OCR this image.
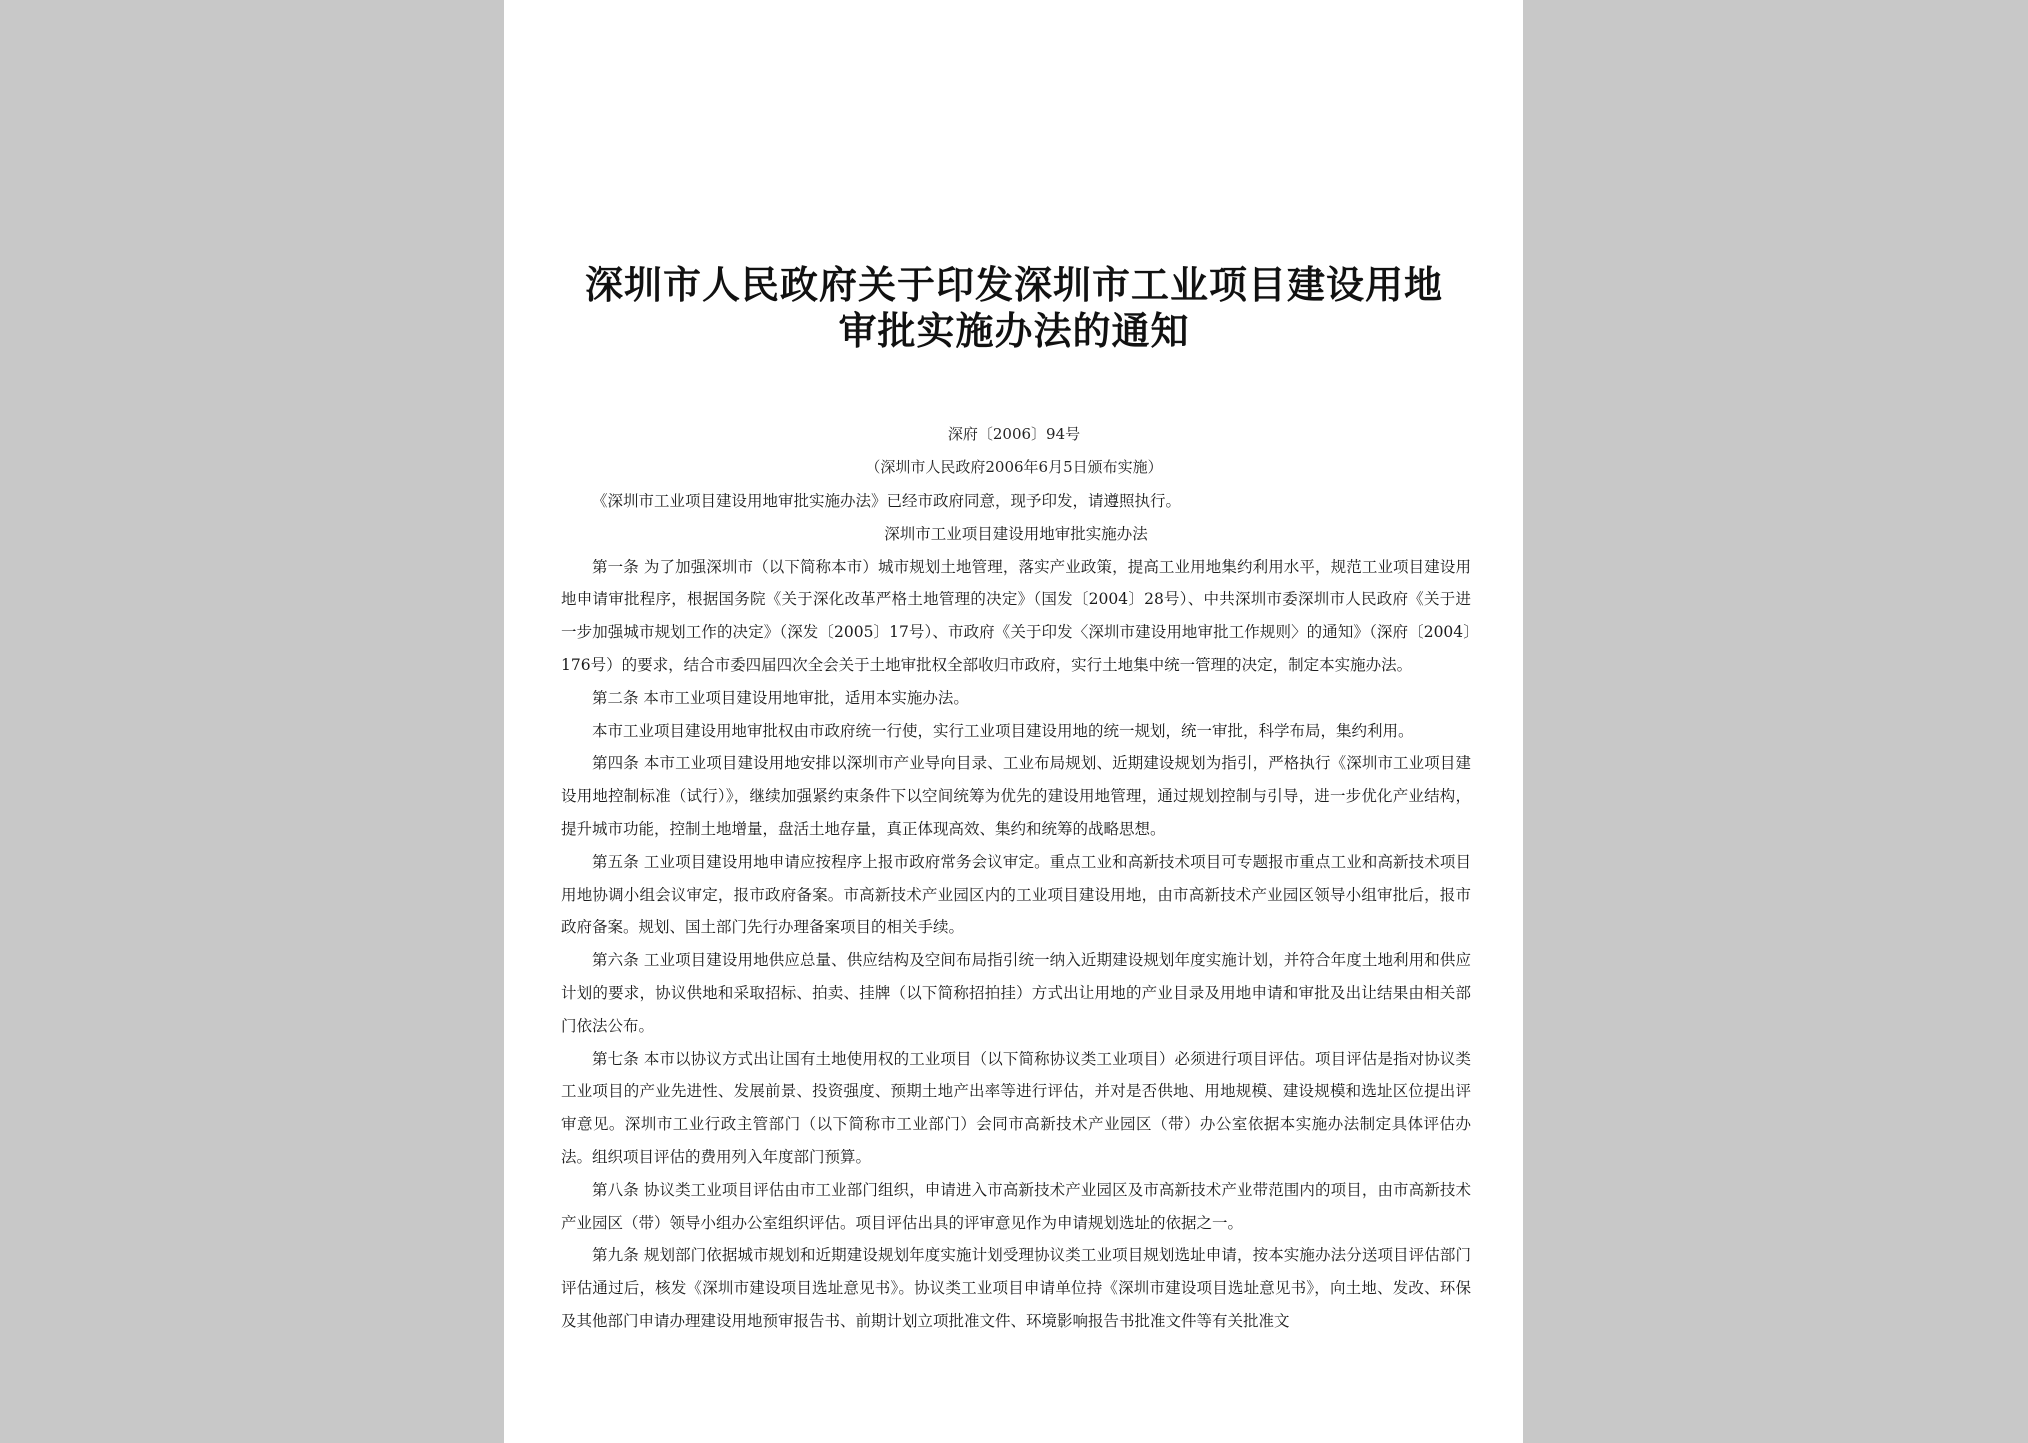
深圳市人民政府关于印发深圳市工业项目建设用地审批实施办法的通知

深府〔2006〕94号

（深圳市人民政府2006年6月5日颁布实施）

《深圳市工业项目建设用地审批实施办法》已经市政府同意，现予印发，请遵照执行。

深圳市工业项目建设用地审批实施办法

第一条 为了加强深圳市（以下简称本市）城市规划土地管理，落实产业政策，提高工业用地集约利用水平，规范工业项目建设用地申请审批程序，根据国务院《关于深化改革严格土地管理的决定》（国发〔2004〕28号）、中共深圳市委深圳市人民政府《关于进一步加强城市规划工作的决定》（深发〔2005〕17号）、市政府《关于印发〈深圳市建设用地审批工作规则〉的通知》（深府〔2004〕176号）的要求，结合市委四届四次全会关于土地审批权全部收归市政府，实行土地集中统一管理的决定，制定本实施办法。

第二条 本市工业项目建设用地审批，适用本实施办法。

本市工业项目建设用地审批权由市政府统一行使，实行工业项目建设用地的统一规划，统一审批，科学布局，集约利用。

第四条 本市工业项目建设用地安排以深圳市产业导向目录、工业布局规划、近期建设规划为指引，严格执行《深圳市工业项目建设用地控制标准（试行）》，继续加强紧约束条件下以空间统筹为优先的建设用地管理，通过规划控制与引导，进一步优化产业结构，提升城市功能，控制土地增量，盘活土地存量，真正体现高效、集约和统筹的战略思想。

第五条 工业项目建设用地申请应按程序上报市政府常务会议审定。重点工业和高新技术项目可专题报市重点工业和高新技术项目用地协调小组会议审定，报市政府备案。市高新技术产业园区内的工业项目建设用地，由市高新技术产业园区领导小组审批后，报市政府备案。规划、国土部门先行办理备案项目的相关手续。

第六条 工业项目建设用地供应总量、供应结构及空间布局指引统一纳入近期建设规划年度实施计划，并符合年度土地利用和供应计划的要求，协议供地和采取招标、拍卖、挂牌（以下简称招拍挂）方式出让用地的产业目录及用地申请和审批及出让结果由相关部门依法公布。

第七条 本市以协议方式出让国有土地使用权的工业项目（以下简称协议类工业项目）必须进行项目评估。项目评估是指对协议类工业项目的产业先进性、发展前景、投资强度、预期土地产出率等进行评估，并对是否供地、用地规模、建设规模和选址区位提出评审意见。深圳市工业行政主管部门（以下简称市工业部门）会同市高新技术产业园区（带）办公室依据本实施办法制定具体评估办法。组织项目评估的费用列入年度部门预算。

第八条 协议类工业项目评估由市工业部门组织，申请进入市高新技术产业园区及市高新技术产业带范围内的项目，由市高新技术产业园区（带）领导小组办公室组织评估。项目评估出具的评审意见作为申请规划选址的依据之一。

第九条 规划部门依据城市规划和近期建设规划年度实施计划受理协议类工业项目规划选址申请，按本实施办法分送项目评估部门评估通过后，核发《深圳市建设项目选址意见书》。协议类工业项目申请单位持《深圳市建设项目选址意见书》，向土地、发改、环保及其他部门申请办理建设用地预审报告书、前期计划立项批准文件、环境影响报告书批准文件等有关批准文
